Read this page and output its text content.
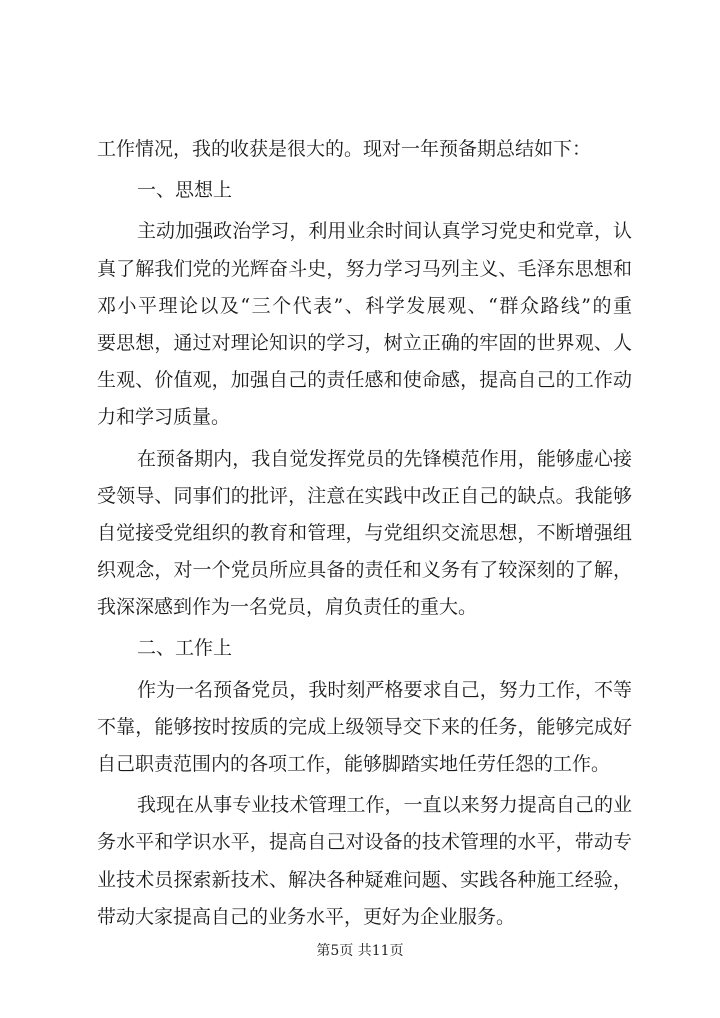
工作情况，我的收获是很大的。现对一年预备期总结如下：
一、思想上
主动加强政治学习，利用业余时间认真学习党史和党章，认
真了解我们党的光辉奋斗史，努力学习马列主义、毛泽东思想和
邓小平理论以及“三个代表”、科学发展观、“群众路线”的重
要思想，通过对理论知识的学习，树立正确的牢固的世界观、人
生观、价值观，加强自己的责任感和使命感，提高自己的工作动
力和学习质量。
在预备期内，我自觉发挥党员的先锋模范作用，能够虚心接
受领导、同事们的批评，注意在实践中改正自己的缺点。我能够
自觉接受党组织的教育和管理，与党组织交流思想，不断增强组
织观念，对一个党员所应具备的责任和义务有了较深刻的了解，
我深深感到作为一名党员，肩负责任的重大。
二、工作上
作为一名预备党员，我时刻严格要求自己，努力工作，不等
不靠，能够按时按质的完成上级领导交下来的任务，能够完成好
自己职责范围内的各项工作，能够脚踏实地任劳任怨的工作。
我现在从事专业技术管理工作，一直以来努力提高自己的业
务水平和学识水平，提高自己对设备的技术管理的水平，带动专
业技术员探索新技术、解决各种疑难问题、实践各种施工经验，
带动大家提高自己的业务水平，更好为企业服务。
第5页 共11页
